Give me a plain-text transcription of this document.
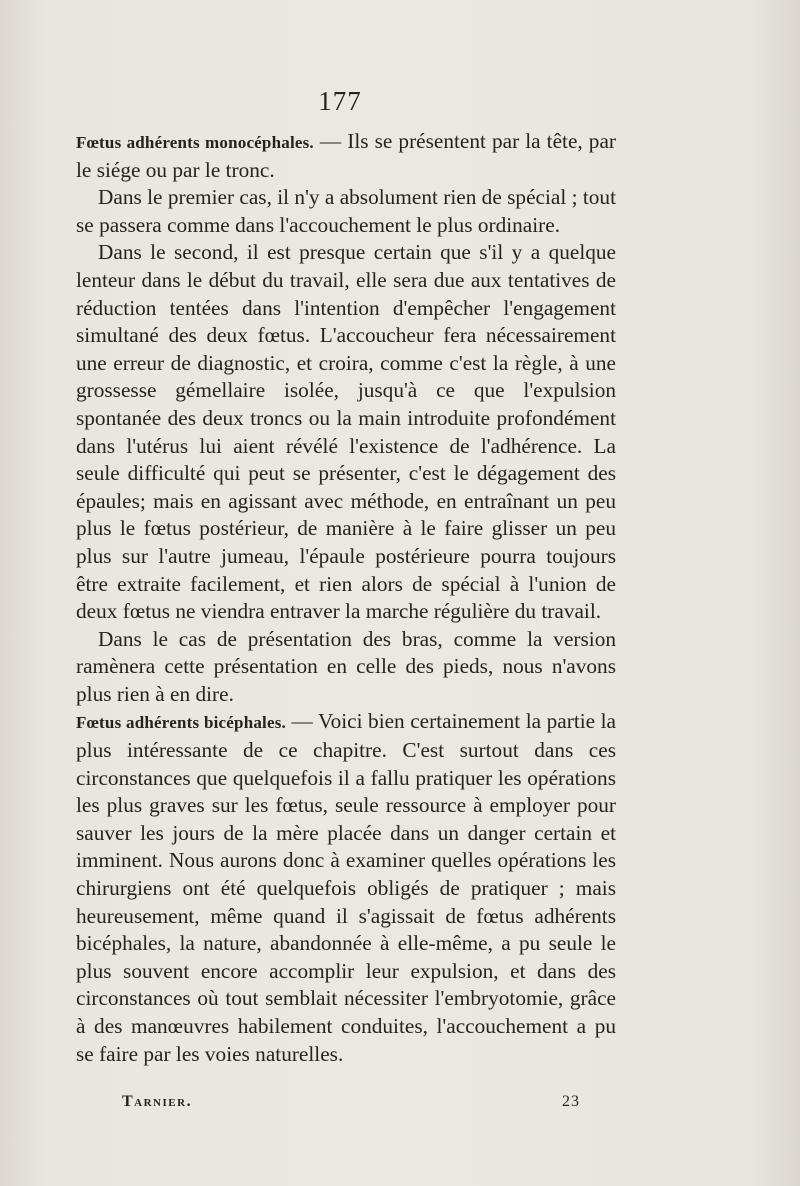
177

Fœtus adhérents monocéphales. — Ils se présentent par la tête, par le siége ou par le tronc.

Dans le premier cas, il n'y a absolument rien de spécial ; tout se passera comme dans l'accouchement le plus ordinaire.

Dans le second, il est presque certain que s'il y a quelque lenteur dans le début du travail, elle sera due aux tentatives de réduction tentées dans l'intention d'empêcher l'engagement simultané des deux fœtus. L'accoucheur fera nécessairement une erreur de diagnostic, et croira, comme c'est la règle, à une grossesse gémellaire isolée, jusqu'à ce que l'expulsion spontanée des deux troncs ou la main introduite profondément dans l'utérus lui aient révélé l'existence de l'adhérence. La seule difficulté qui peut se présenter, c'est le dégagement des épaules; mais en agissant avec méthode, en entraînant un peu plus le fœtus postérieur, de manière à le faire glisser un peu plus sur l'autre jumeau, l'épaule postérieure pourra toujours être extraite facilement, et rien alors de spécial à l'union de deux fœtus ne viendra entraver la marche régulière du travail.

Dans le cas de présentation des bras, comme la version ramènera cette présentation en celle des pieds, nous n'avons plus rien à en dire.

Fœtus adhérents bicéphales. — Voici bien certainement la partie la plus intéressante de ce chapitre. C'est surtout dans ces circonstances que quelquefois il a fallu pratiquer les opérations les plus graves sur les fœtus, seule ressource à employer pour sauver les jours de la mère placée dans un danger certain et imminent. Nous aurons donc à examiner quelles opérations les chirurgiens ont été quelquefois obligés de pratiquer ; mais heureusement, même quand il s'agissait de fœtus adhérents bicéphales, la nature, abandonnée à elle-même, a pu seule le plus souvent encore accomplir leur expulsion, et dans des circonstances où tout semblait nécessiter l'embryotomie, grâce à des manœuvres habilement conduites, l'accouchement a pu se faire par les voies naturelles.

Tarnier.	23
